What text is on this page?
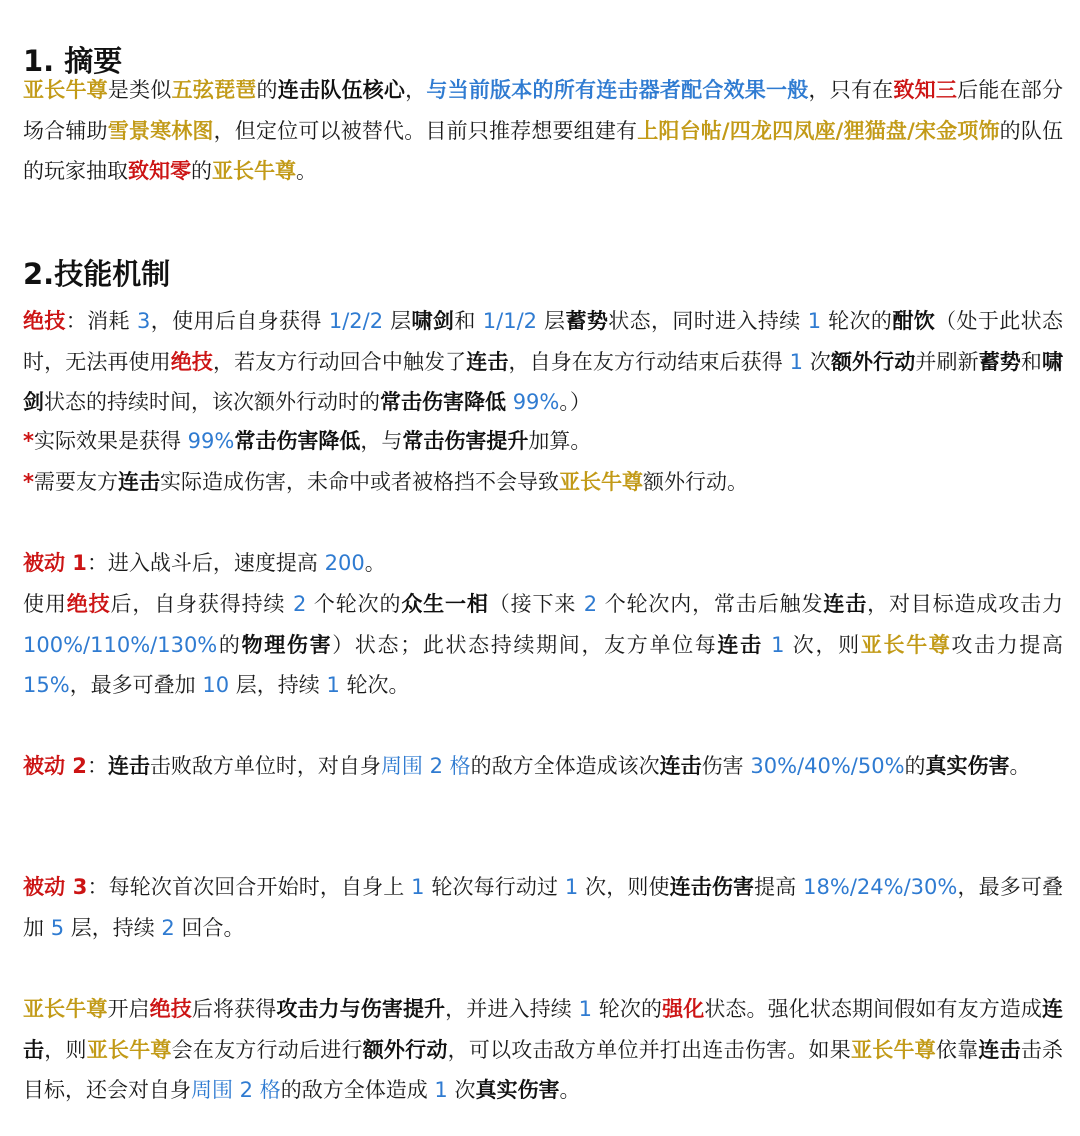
1. 摘要

亚长牛尊是类似五弦琵琶的连击队伍核心，与当前版本的所有连击器者配合效果一般，只有在致知三后能在部分场合辅助雪景寒林图，但定位可以被替代。目前只推荐想要组建有上阳台帖/四龙四凤座/狸猫盘/宋金项饰的队伍的玩家抽取致知零的亚长牛尊。

2.技能机制

绝技：消耗 3，使用后自身获得 1/2/2 层啸剑和 1/1/2 层蓄势状态，同时进入持续 1 轮次的酣饮（处于此状态时，无法再使用绝技，若友方行动回合中触发了连击，自身在友方行动结束后获得 1 次额外行动并刷新蓄势和啸剑状态的持续时间，该次额外行动时的常击伤害降低 99%。）

*实际效果是获得 99%常击伤害降低，与常击伤害提升加算。

*需要友方连击实际造成伤害，未命中或者被格挡不会导致亚长牛尊额外行动。

被动 1：进入战斗后，速度提高 200。

使用绝技后，自身获得持续 2 个轮次的众生一相（接下来 2 个轮次内，常击后触发连击，对目标造成攻击力 100%/110%/130%的物理伤害）状态；此状态持续期间，友方单位每连击 1 次，则亚长牛尊攻击力提高 15%，最多可叠加 10 层，持续 1 轮次。

被动 2：连击击败敌方单位时，对自身周围 2 格的敌方全体造成该次连击伤害 30%/40%/50%的真实伤害。

被动 3：每轮次首次回合开始时，自身上 1 轮次每行动过 1 次，则使连击伤害提高 18%/24%/30%，最多可叠加 5 层，持续 2 回合。

亚长牛尊开启绝技后将获得攻击力与伤害提升，并进入持续 1 轮次的强化状态。强化状态期间假如有友方造成连击，则亚长牛尊会在友方行动后进行额外行动，可以攻击敌方单位并打出连击伤害。如果亚长牛尊依靠连击击杀目标，还会对自身周围 2 格的敌方全体造成 1 次真实伤害。
